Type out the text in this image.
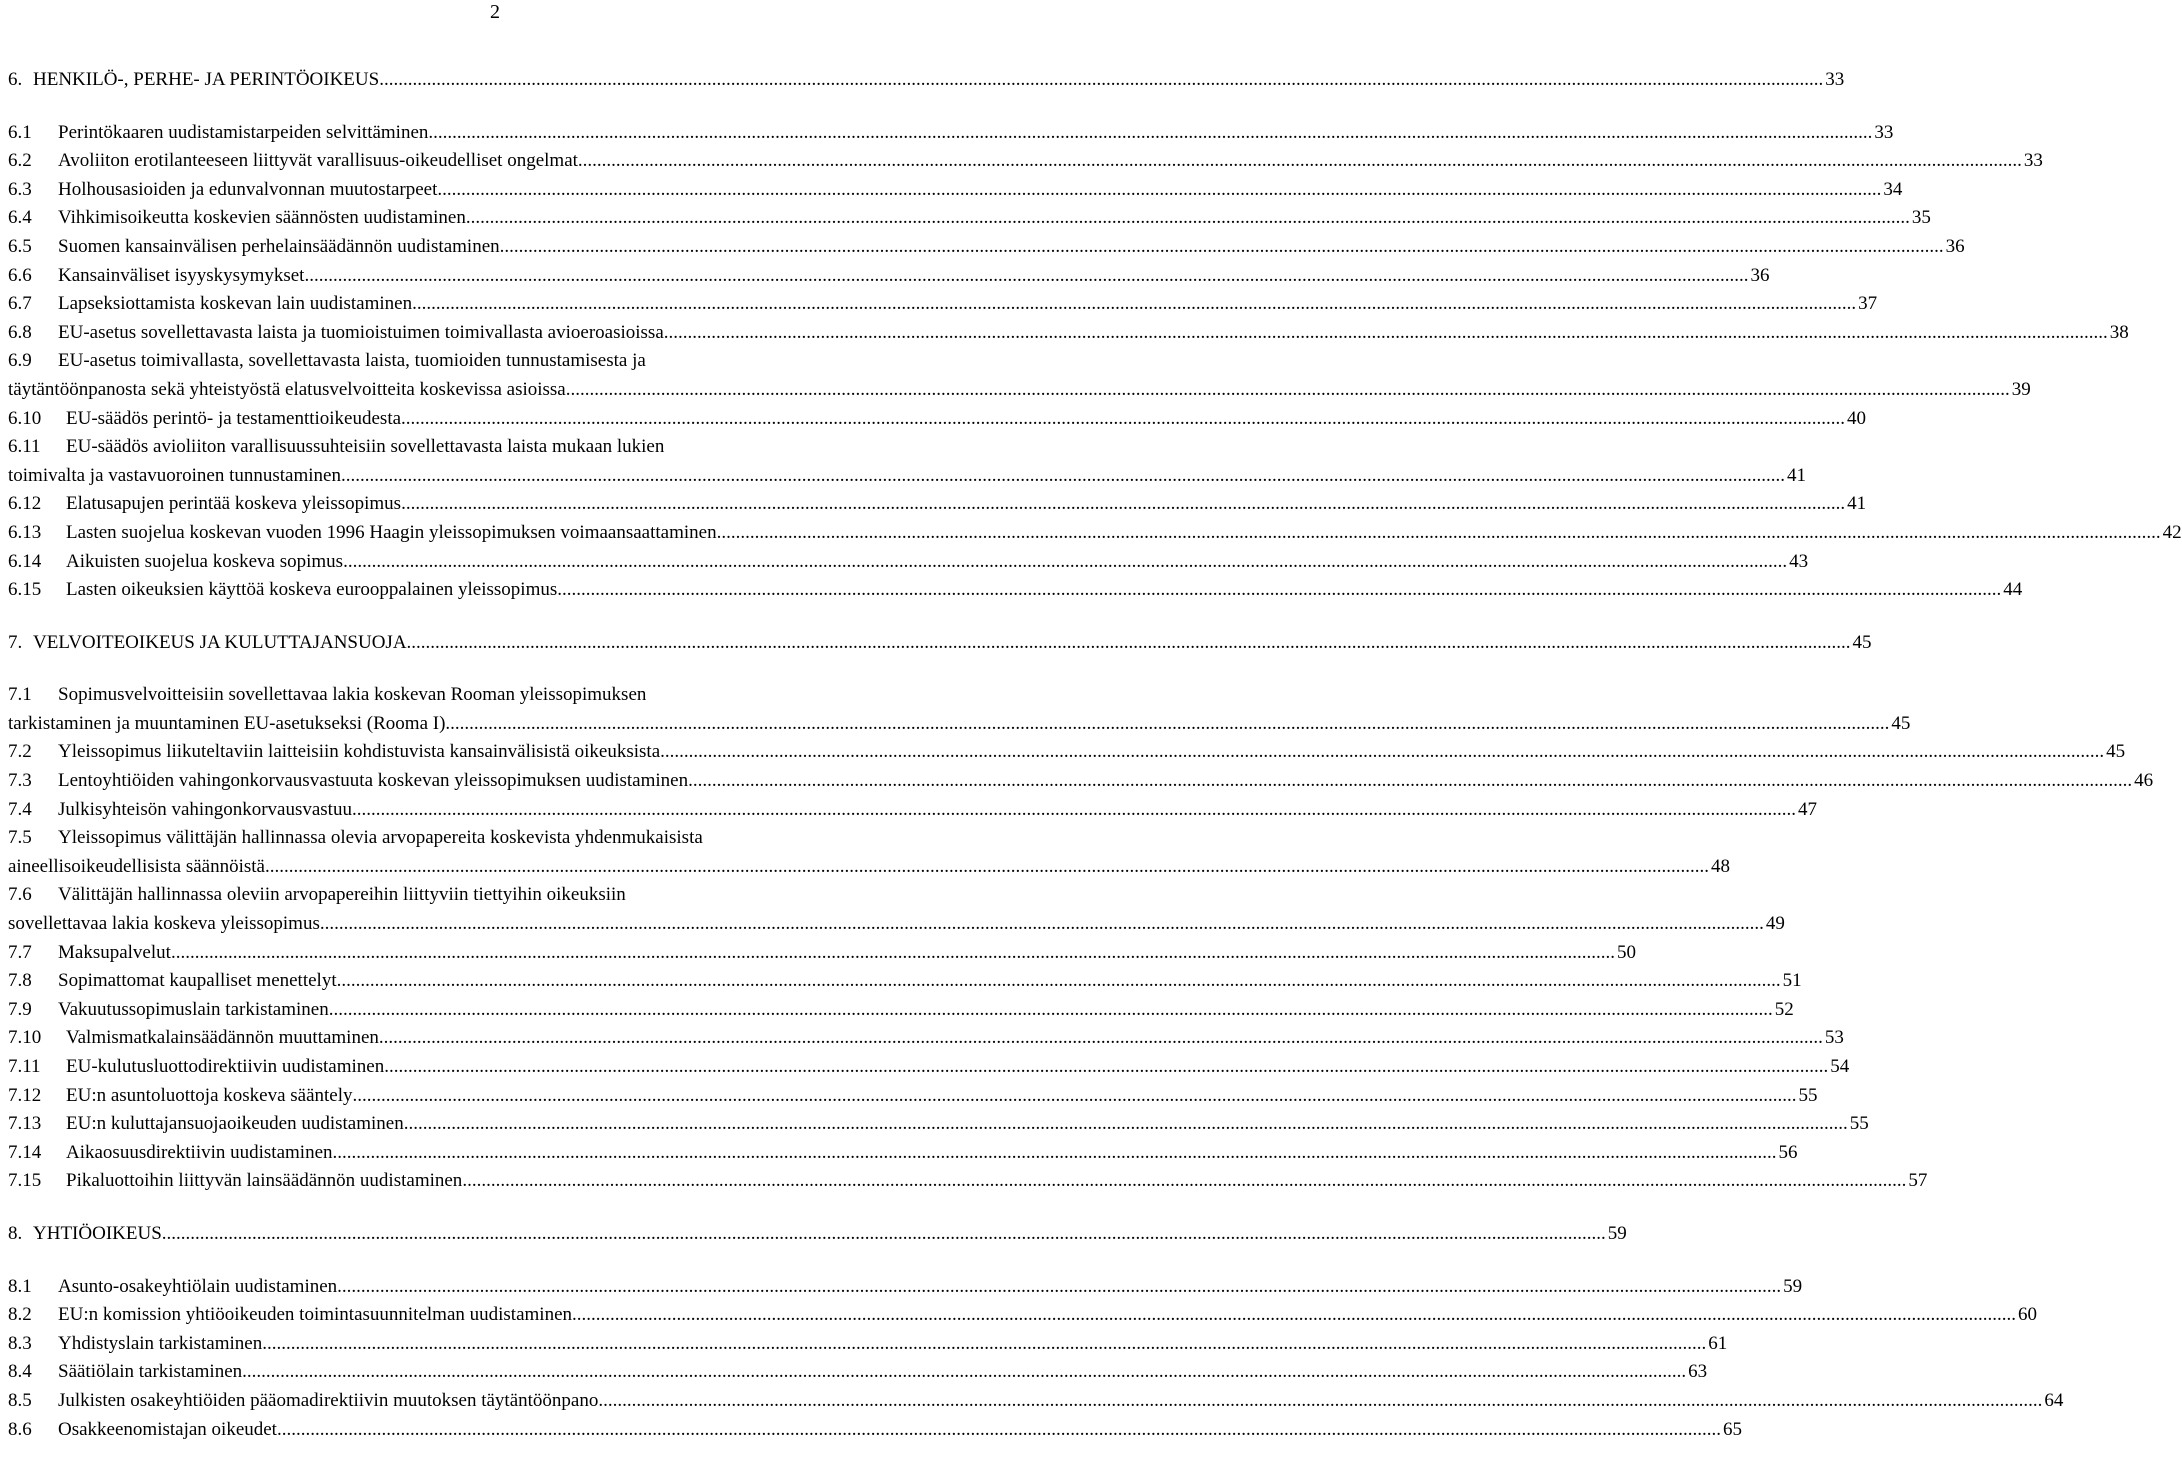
2
6. HENKILÖ-, PERHE- JA PERINTÖOIKEUS .....	33
6.1	Perintökaaren uudistamistarpeiden selvittäminen .....	33
6.2	Avoliiton erotilanteeseen liittyvät varallisuus-oikeudelliset ongelmat .....	33
6.3	Holhousasioiden ja edunvalvonnan muutostarpeet .....	34
6.4	Vihkimisoikeutta koskevien säännösten uudistaminen .....	35
6.5	Suomen kansainvälisen perhelainsäädännön uudistaminen .....	36
6.6	Kansainväliset isyyskysymykset .....	36
6.7	Lapseksiottamista koskevan lain uudistaminen .....	37
6.8	EU-asetus sovellettavasta laista ja tuomioistuimen toimivallasta avioeroasioissa .....	38
6.9	EU-asetus toimivallasta, sovellettavasta laista, tuomioiden tunnustamisesta ja
täytäntöönpanosta sekä yhteistyöstä elatusvelvoitteita koskevissa asioissa .....	39
6.10	EU-säädös perintö- ja testamenttioikeudesta .....	40
6.11	EU-säädös avioliiton varallisuussuhteisiin sovellettavasta laista mukaan lukien
toimivalta ja vastavuoroinen tunnustaminen .....	41
6.12	Elatusapujen perintää koskeva yleissopimus .....	41
6.13	Lasten suojelua koskevan vuoden 1996 Haagin yleissopimuksen voimaansaattaminen .....	42
6.14	Aikuisten suojelua koskeva sopimus .....	43
6.15	Lasten oikeuksien käyttöä koskeva eurooppalainen yleissopimus .....	44
7. VELVOITEOIKEUS JA KULUTTAJANSUOJA .....	45
7.1	Sopimusvelvoitteisiin sovellettavaa lakia koskevan Rooman yleissopimuksen
tarkistaminen ja muuntaminen EU-asetukseksi (Rooma I) .....	45
7.2	Yleissopimus liikuteltaviin laitteisiin kohdistuvista kansainvälisistä oikeuksista .....	45
7.3	Lentoyhtiöiden vahingonkorvausvastuuta koskevan yleissopimuksen uudistaminen .....	46
7.4	Julkisyhteisön vahingonkorvausvastuu .....	47
7.5	Yleissopimus välittäjän hallinnassa olevia arvopapereita koskevista yhdenmukaisista
aineellisoikeudellisista säännöistä .....	48
7.6	Välittäjän hallinnassa oleviin arvopapereihin liittyviin tiettyihin oikeuksiin
sovellettavaa lakia koskeva yleissopimus .....	49
7.7	Maksupalvelut .....	50
7.8	Sopimattomat kaupalliset menettelyt .....	51
7.9	Vakuutussopimuslain tarkistaminen .....	52
7.10	Valmismatkalainsäädännön muuttaminen .....	53
7.11	EU-kulutusluottodirektiivin uudistaminen .....	54
7.12	EU:n asuntoluottoja koskeva sääntely .....	55
7.13	EU:n kuluttajansuojaoikeuden uudistaminen .....	55
7.14	Aikaosuusdirektiivin uudistaminen .....	56
7.15	Pikaluottoihin liittyvän lainsäädännön uudistaminen .....	57
8. YHTIÖOIKEUS .....	59
8.1	Asunto-osakeyhtiölain uudistaminen .....	59
8.2	EU:n komission yhtiöoikeuden toimintasuunnitelman uudistaminen .....	60
8.3	Yhdistyslain tarkistaminen .....	61
8.4	Säätiölain tarkistaminen .....	63
8.5	Julkisten osakeyhtiöiden pääomadirektiivin muutoksen täytäntöönpano .....	64
8.6	Osakkeenomistajan oikeudet .....	65
